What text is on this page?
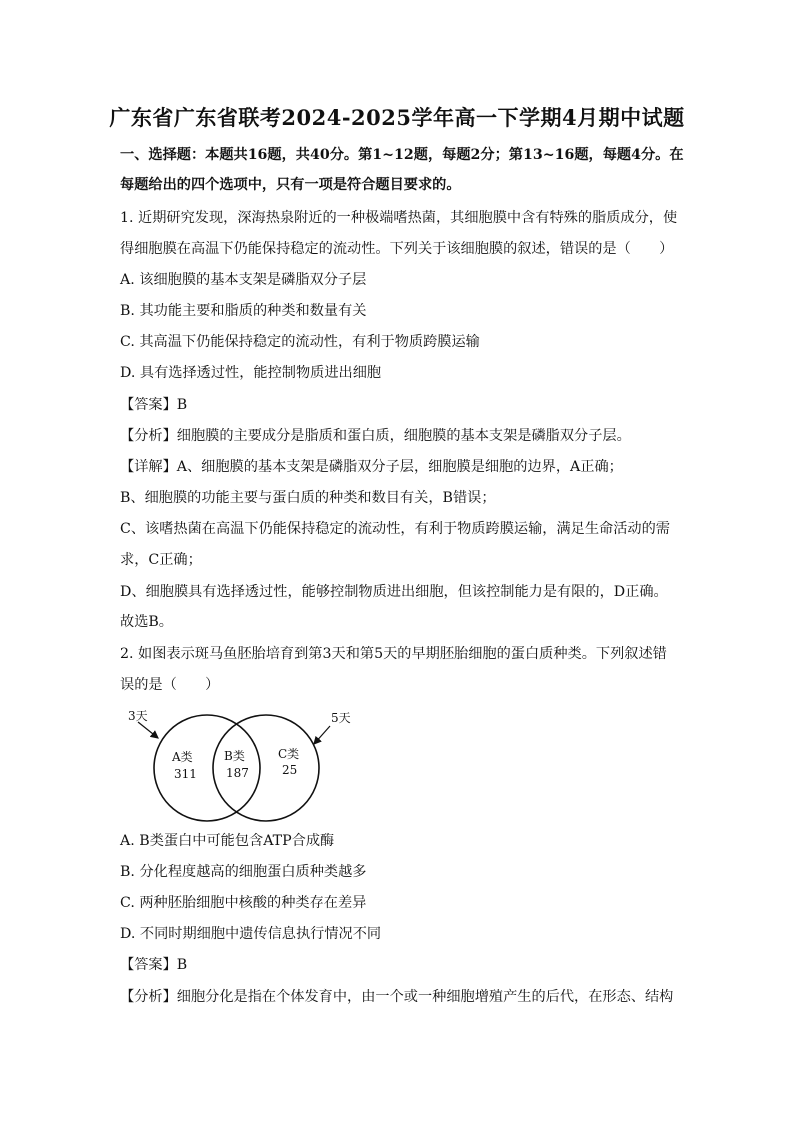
广东省广东省联考2024-2025学年高一下学期4月期中试题
一、选择题：本题共16题，共40分。第1~12题，每题2分；第13~16题，每题4分。在
每题给出的四个选项中，只有一项是符合题目要求的。
1. 近期研究发现，深海热泉附近的一种极端嗜热菌，其细胞膜中含有特殊的脂质成分，使
得细胞膜在高温下仍能保持稳定的流动性。下列关于该细胞膜的叙述，错误的是（　　）
A. 该细胞膜的基本支架是磷脂双分子层
B. 其功能主要和脂质的种类和数量有关
C. 其高温下仍能保持稳定的流动性，有利于物质跨膜运输
D. 具有选择透过性，能控制物质进出细胞
【答案】B
【分析】细胞膜的主要成分是脂质和蛋白质，细胞膜的基本支架是磷脂双分子层。
【详解】A、细胞膜的基本支架是磷脂双分子层，细胞膜是细胞的边界，A正确；
B、细胞膜的功能主要与蛋白质的种类和数目有关，B错误；
C、该嗜热菌在高温下仍能保持稳定的流动性，有利于物质跨膜运输，满足生命活动的需
求，C正确；
D、细胞膜具有选择透过性，能够控制物质进出细胞，但该控制能力是有限的，D正确。
故选B。
2. 如图表示斑马鱼胚胎培育到第3天和第5天的早期胚胎细胞的蛋白质种类。下列叙述错
误的是（　　）
3天	5天
A类
311
B类
187
C类
25
A. B类蛋白中可能包含ATP合成酶
B. 分化程度越高的细胞蛋白质种类越多
C. 两种胚胎细胞中核酸的种类存在差异
D. 不同时期细胞中遗传信息执行情况不同
【答案】B
【分析】细胞分化是指在个体发育中，由一个或一种细胞增殖产生的后代，在形态、结构
